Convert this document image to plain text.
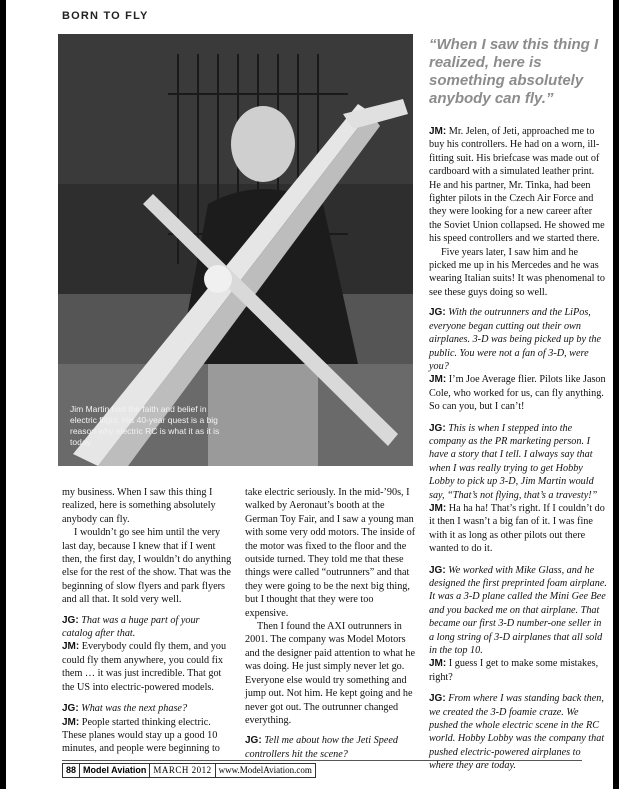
BORN TO FLY
Jim Martin had the faith and belief in electric flight. His 40-year quest is a big reason why electric RC is what it as it is today.
“When I saw this thing I realized, here is something absolutely anybody can fly.”

my business. When I saw this thing I realized, here is something absolutely anybody can fly.

I wouldn’t go see him until the very last day, because I knew that if I went then, the first day, I wouldn’t do anything else for the rest of the show. That was the beginning of slow flyers and park flyers and all that. It sold very well.

JG: That was a huge part of your catalog after that.
JM: Everybody could fly them, and you could fly them anywhere, you could fix them … it was just incredible. That got the US into electric-powered models.
JG: What was the next phase?
JM: People started thinking electric. These planes would stay up a good 10 minutes, and people were beginning to

take electric seriously. In the mid-’90s, I walked by Aeronaut’s booth at the German Toy Fair, and I saw a young man with some very odd motors. The inside of the motor was fixed to the floor and the outside turned. They told me that these things were called “outrunners” and that they were going to be the next big thing, but I thought that they were too expensive.

Then I found the AXI outrunners in 2001. The company was Model Motors and the designer paid attention to what he was doing. He just simply never let go. Everyone else would try something and jump out. Not him. He kept going and he never got out. The outrunner changed everything.

JG: Tell me about how the Jeti Speed controllers hit the scene?

JM: Mr. Jelen, of Jeti, approached me to buy his controllers. He had on a worn, ill-fitting suit. His briefcase was made out of cardboard with a simulated leather print. He and his partner, Mr. Tinka, had been fighter pilots in the Czech Air Force and they were looking for a new career after the Soviet Union collapsed. He showed me his speed controllers and we started there.

Five years later, I saw him and he picked me up in his Mercedes and he was wearing Italian suits! It was phenomenal to see these guys doing so well.

JG: With the outrunners and the LiPos, everyone began cutting out their own airplanes. 3-D was being picked up by the public. You were not a fan of 3-D, were you?
JM: I’m Joe Average flier. Pilots like Jason Cole, who worked for us, can fly anything. So can you, but I can’t!
JG: This is when I stepped into the company as the PR marketing person. I have a story that I tell. I always say that when I was really trying to get Hobby Lobby to pick up 3-D, Jim Martin would say, “That’s not flying, that’s a travesty!”
JM: Ha ha ha! That’s right. If I couldn’t do it then I wasn’t a big fan of it. I was fine with it as long as other pilots out there wanted to do it.
JG: We worked with Mike Glass, and he designed the first preprinted foam airplane. It was a 3-D plane called the Mini Gee Bee and you backed me on that airplane. That became our first 3-D number-one seller in a long string of 3-D airplanes that all sold in the top 10.
JM: I guess I get to make some mistakes, right?
JG: From where I was standing back then, we created the 3-D foamie craze. We pushed the whole electric scene in the RC world. Hobby Lobby was the company that pushed electric-powered airplanes to where they are today.
88 Model Aviation MARCH 2012 www.ModelAviation.com
